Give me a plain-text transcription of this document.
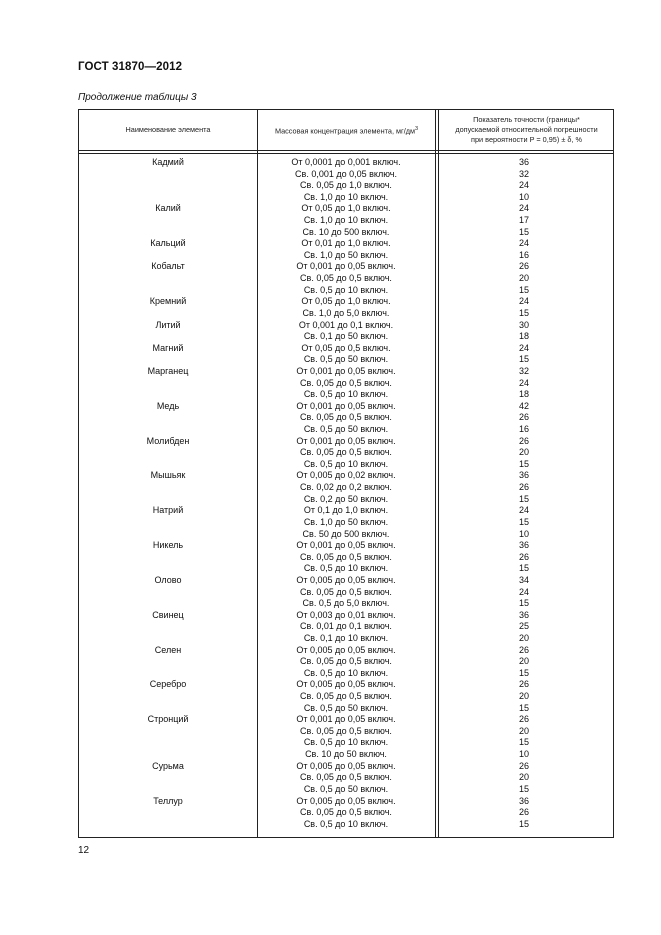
ГОСТ 31870—2012
Продолжение таблицы 3
Наименование элемента	Массовая концентрация элемента, $мг/дм^3$
Показатель точности (границы*
допускаемой относительной погрешности
при вероятности P = 0,95) ± δ, %
Кадмий	От 0,0001 до 0,001 включ.	36
Св. 0,001 до 0,05 включ.	32
Св. 0,05 до 1,0 включ.	24
Св. 1,0 до 10 включ.	10
Калий	От 0,05 до 1,0 включ.	24
Св. 1,0 до 10 включ.	17
Св. 10 до 500 включ.	15
Кальций	От 0,01 до 1,0 включ.	24
Св. 1,0 до 50 включ.	16
Кобальт	От 0,001 до 0,05 включ.	26
Св. 0,05 до 0,5 включ.	20
Св. 0,5 до 10 включ.	15
Кремний	От 0,05 до 1,0 включ.	24
Св. 1,0 до 5,0 включ.	15
Литий	От 0,001 до 0,1 включ.	30
Св. 0,1 до 50 включ.	18
Магний	От 0,05 до 0,5 включ.	24
Св. 0,5 до 50 включ.	15
Марганец	От 0,001 до 0,05 включ.	32
Св. 0,05 до 0,5 включ.	24
Св. 0,5 до 10 включ.	18
Медь	От 0,001 до 0,05 включ.	42
Св. 0,05 до 0,5 включ.	26
Св. 0,5 до 50 включ.	16
Молибден	От 0,001 до 0,05 включ.	26
Св. 0,05 до 0,5 включ.	20
Св. 0,5 до 10 включ.	15
Мышьяк	От 0,005 до 0,02 включ.	36
Св. 0,02 до 0,2 включ.	26
Св. 0,2 до 50 включ.	15
Натрий	От 0,1 до 1,0 включ.	24
Св. 1,0 до 50 включ.	15
Св. 50 до 500 включ.	10
Никель	От 0,001 до 0,05 включ.	36
Св. 0,05 до 0,5 включ.	26
Св. 0,5 до 10 включ.	15
Олово	От 0,005 до 0,05 включ.	34
Св. 0,05 до 0,5 включ.	24
Св. 0,5 до 5,0 включ.	15
Свинец	От 0,003 до 0,01 включ.	36
Св. 0,01 до 0,1 включ.	25
Св. 0,1 до 10 включ.	20
Селен	От 0,005 до 0,05 включ.	26
Св. 0,05 до 0,5 включ.	20
Св. 0,5 до 10 включ.	15
Серебро	От 0,005 до 0,05 включ.	26
Св. 0,05 до 0,5 включ.	20
Св. 0,5 до 50 включ.	15
Стронций	От 0,001 до 0,05 включ.	26
Св. 0,05 до 0,5 включ.	20
Св. 0,5 до 10 включ.	15
Св. 10 до 50 включ.	10
Сурьма	От 0,005 до 0,05 включ.	26
Св. 0,05 до 0,5 включ.	20
Св. 0,5 до 50 включ.	15
Теллур	От 0,005 до 0,05 включ.	36
Св. 0,05 до 0,5 включ.	26
Св. 0,5 до 10 включ.	15
12
